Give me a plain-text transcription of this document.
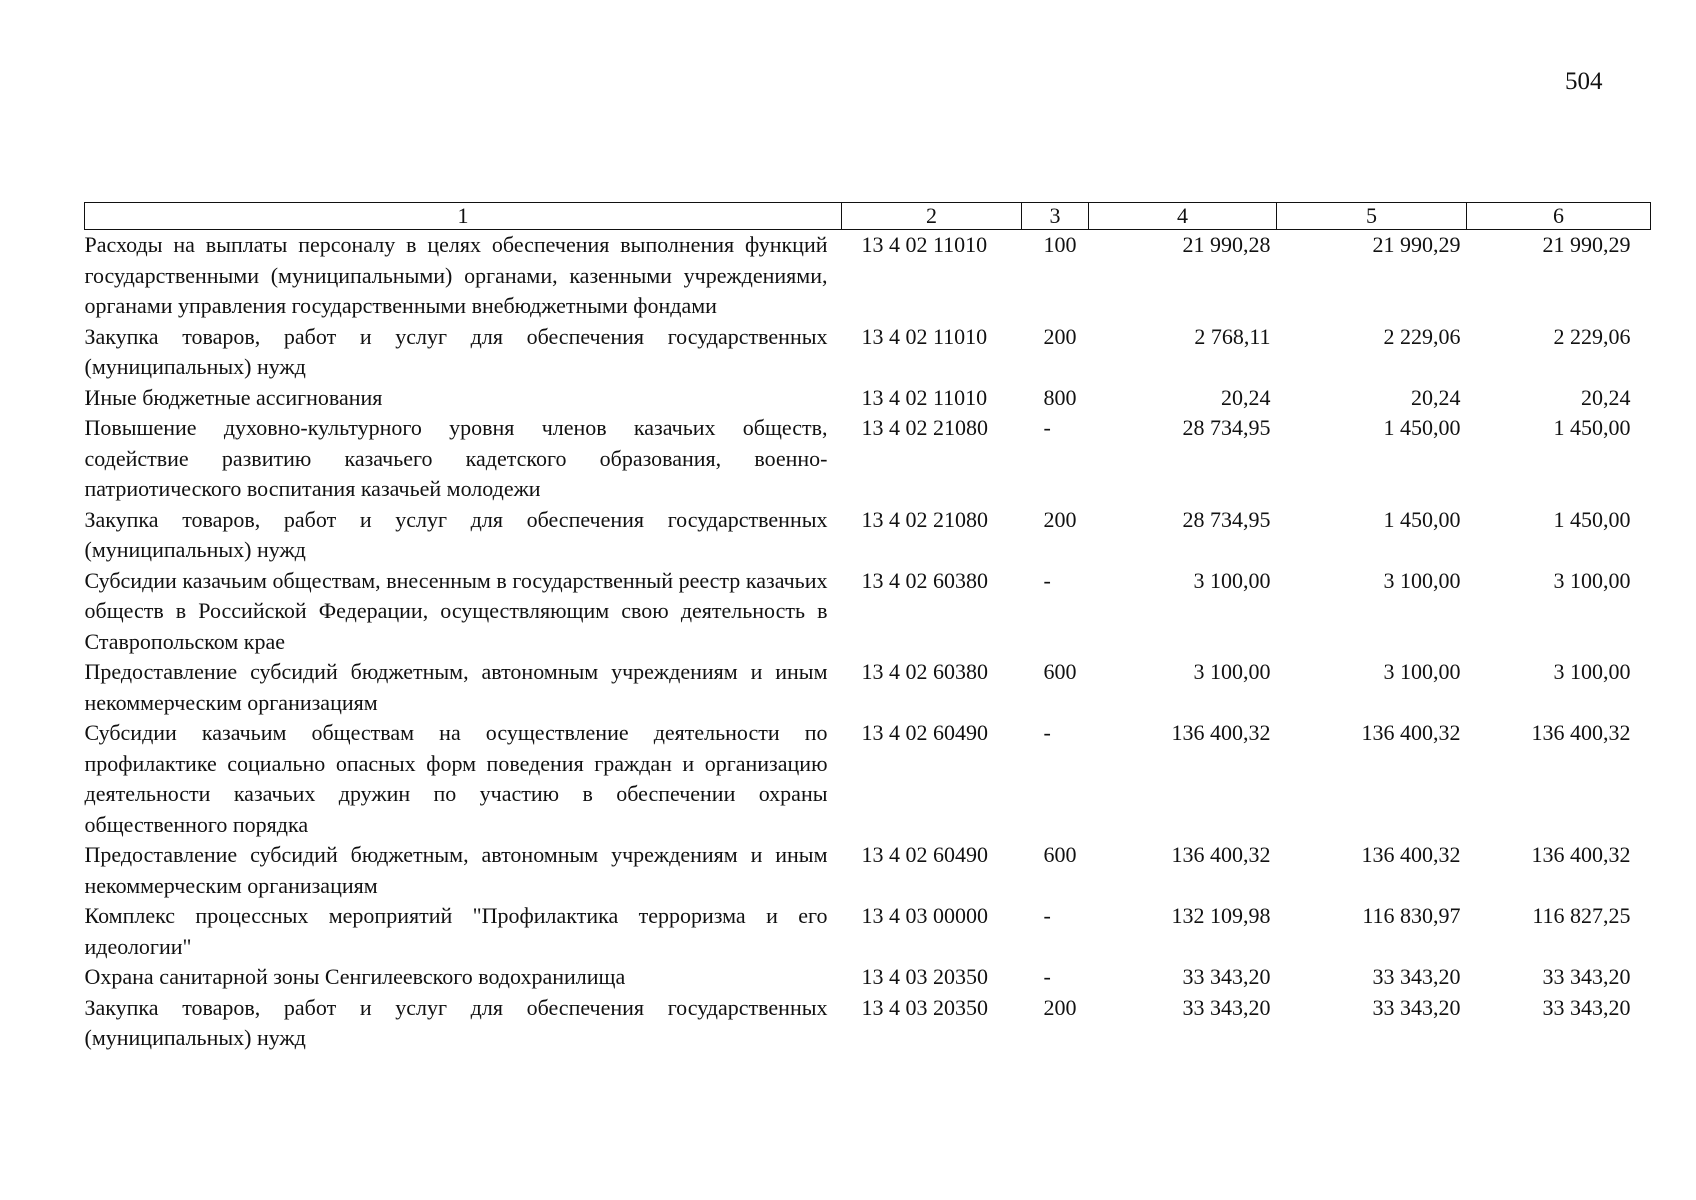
504
1	2	3	4	5	6
Расходы на выплаты персоналу в целях обеспечения выполнения функций государственными (муниципальными) органами, казенными учреждениями, органами управления государственными внебюджетными фондами	13 4 02 11010	100	21 990,28	21 990,29	21 990,29
Закупка товаров, работ и услуг для обеспечения государственных (муниципальных) нужд	13 4 02 11010	200	2 768,11	2 229,06	2 229,06
Иные бюджетные ассигнования	13 4 02 11010	800	20,24	20,24	20,24
Повышение духовно-культурного уровня членов казачьих обществ, содействие развитию казачьего кадетского образования, военно-патриотического воспитания казачьей молодежи	13 4 02 21080	-	28 734,95	1 450,00	1 450,00
Закупка товаров, работ и услуг для обеспечения государственных (муниципальных) нужд	13 4 02 21080	200	28 734,95	1 450,00	1 450,00
Субсидии казачьим обществам, внесенным в государственный реестр казачьих обществ в Российской Федерации, осуществляющим свою деятельность в Ставропольском крае	13 4 02 60380	-	3 100,00	3 100,00	3 100,00
Предоставление субсидий бюджетным, автономным учреждениям и иным некоммерческим организациям	13 4 02 60380	600	3 100,00	3 100,00	3 100,00
Субсидии казачьим обществам на осуществление деятельности по профилактике социально опасных форм поведения граждан и организацию деятельности казачьих дружин по участию в обеспечении охраны общественного порядка	13 4 02 60490	-	136 400,32	136 400,32	136 400,32
Предоставление субсидий бюджетным, автономным учреждениям и иным некоммерческим организациям	13 4 02 60490	600	136 400,32	136 400,32	136 400,32
Комплекс процессных мероприятий "Профилактика терроризма и его идеологии"	13 4 03 00000	-	132 109,98	116 830,97	116 827,25
Охрана санитарной зоны Сенгилеевского водохранилища	13 4 03 20350	-	33 343,20	33 343,20	33 343,20
Закупка товаров, работ и услуг для обеспечения государственных (муниципальных) нужд	13 4 03 20350	200	33 343,20	33 343,20	33 343,20
